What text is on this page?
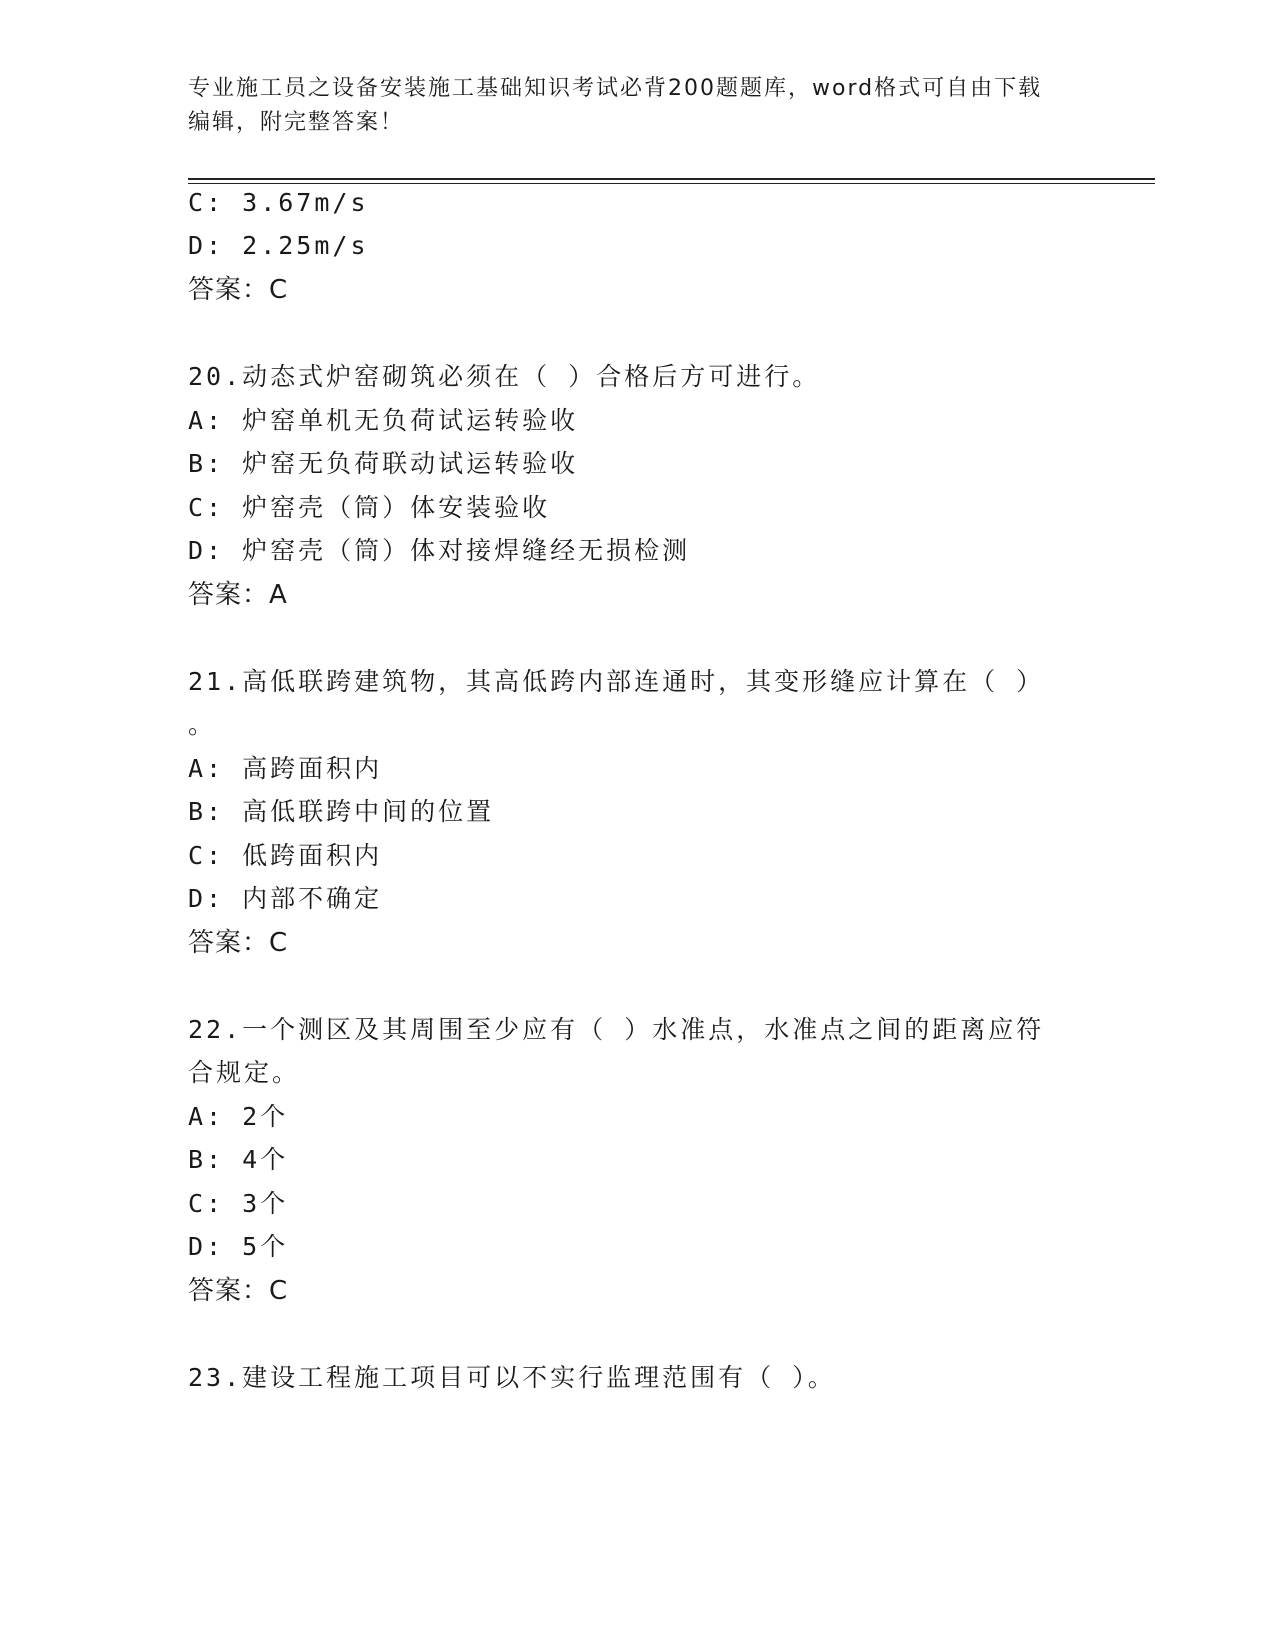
专业施工员之设备安装施工基础知识考试必背200题题库，word格式可自由下载
编辑，附完整答案！
C: 3.67m/s
D: 2.25m/s
答案：C
20.动态式炉窑砌筑必须在（ ）合格后方可进行。
A: 炉窑单机无负荷试运转验收
B: 炉窑无负荷联动试运转验收
C: 炉窑壳（筒）体安装验收
D: 炉窑壳（筒）体对接焊缝经无损检测
答案：A
21.高低联跨建筑物，其高低跨内部连通时，其变形缝应计算在（ ）
。
A: 高跨面积内
B: 高低联跨中间的位置
C: 低跨面积内
D: 内部不确定
答案：C
22.一个测区及其周围至少应有（ ）水准点，水准点之间的距离应符
合规定。
A: 2个
B: 4个
C: 3个
D: 5个
答案：C
23.建设工程施工项目可以不实行监理范围有（ ）。
